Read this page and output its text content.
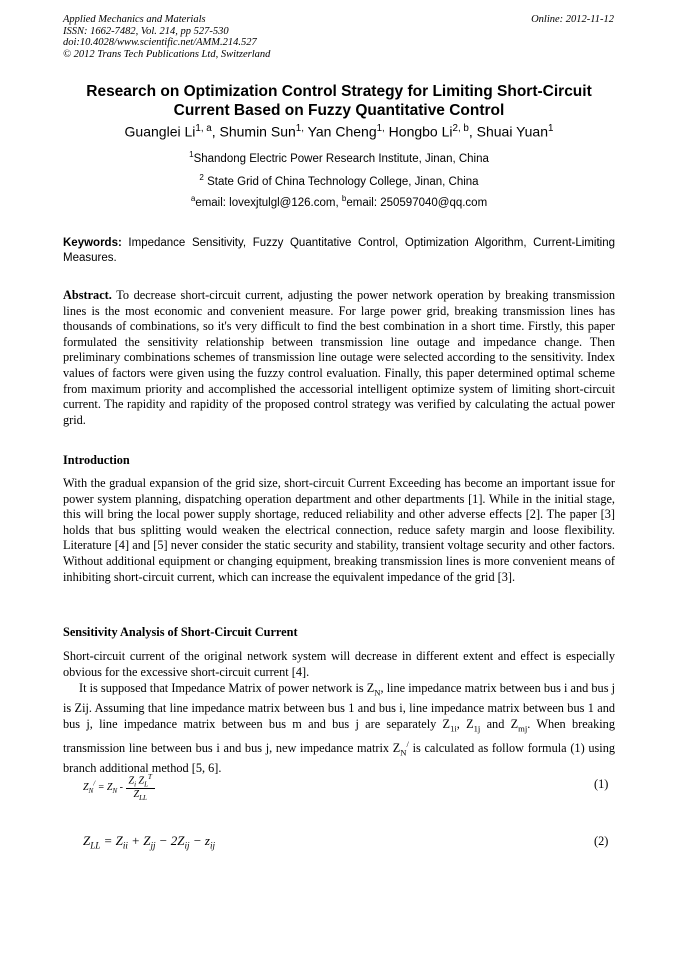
Applied Mechanics and Materials
ISSN: 1662-7482, Vol. 214, pp 527-530
doi:10.4028/www.scientific.net/AMM.214.527
© 2012 Trans Tech Publications Ltd, Switzerland
Online: 2012-11-12
Research on Optimization Control Strategy for Limiting Short-Circuit
Current Based on Fuzzy Quantitative Control
Guanglei Li$^{1, a}$, Shumin Sun$^{1,}$ Yan Cheng$^{1,}$ Hongbo Li$^{2, b}$, Shuai Yuan$^1$
$^1$Shandong Electric Power Research Institute, Jinan, China
$^2$ State Grid of China Technology College, Jinan, China
$^a$email: lovexjtulgl@126.com, $^b$email: 250597040@qq.com
Keywords: Impedance Sensitivity, Fuzzy Quantitative Control, Optimization Algorithm, Current-Limiting Measures.
Abstract. To decrease short-circuit current, adjusting the power network operation by breaking transmission lines is the most economic and convenient measure. For large power grid, breaking transmission lines has thousands of combinations, so it's very difficult to find the best combination in a short time. Firstly, this paper formulated the sensitivity relationship between transmission line outage and impedance change. Then preliminary combinations schemes of transmission line outage were selected according to the sensitivity. Index values of factors were given using the fuzzy control evaluation. Finally, this paper determined optimal scheme from maximum priority and accomplished the accessorial intelligent optimize system of limiting short-circuit current. The rapidity and rapidity of the proposed control strategy was verified by calculating the actual power grid.
Introduction
With the gradual expansion of the grid size, short-circuit Current Exceeding has become an important issue for power system planning, dispatching operation department and other departments [1]. While in the initial stage, this will bring the local power supply shortage, reduced reliability and other adverse effects [2]. The paper [3] holds that bus splitting would weaken the electrical connection, reduce safety margin and loose flexibility. Literature [4] and [5] never consider the static security and stability, transient voltage security and other factors. Without additional equipment or changing equipment, breaking transmission lines is more convenient means of inhibiting short-circuit current, which can increase the equivalent impedance of the grid [3].
Sensitivity Analysis of Short-Circuit Current
Short-circuit current of the original network system will decrease in different extent and effect is especially obvious for the excessive short-circuit current [4].
It is supposed that Impedance Matrix of power network is $Z_N$, line impedance matrix between bus i and bus j is Zij. Assuming that line impedance matrix between bus 1 and bus i, line impedance matrix between bus 1 and bus j, line impedance matrix between bus m and bus j are separately $Z_{1i}$, $Z_{1j}$ and $Z_{mj}$. When breaking transmission line between bus i and bus j, new impedance matrix $Z_N^/$ is calculated as follow formula (1) using branch additional method [5, 6].
$Z_N^/ = Z_N - \frac{Z_i Z_L^T}{Z_{LL}}$	(1)
$Z_{LL} = Z_{ii} + Z_{jj} - 2Z_{ij} - z_{ij}$	(2)
